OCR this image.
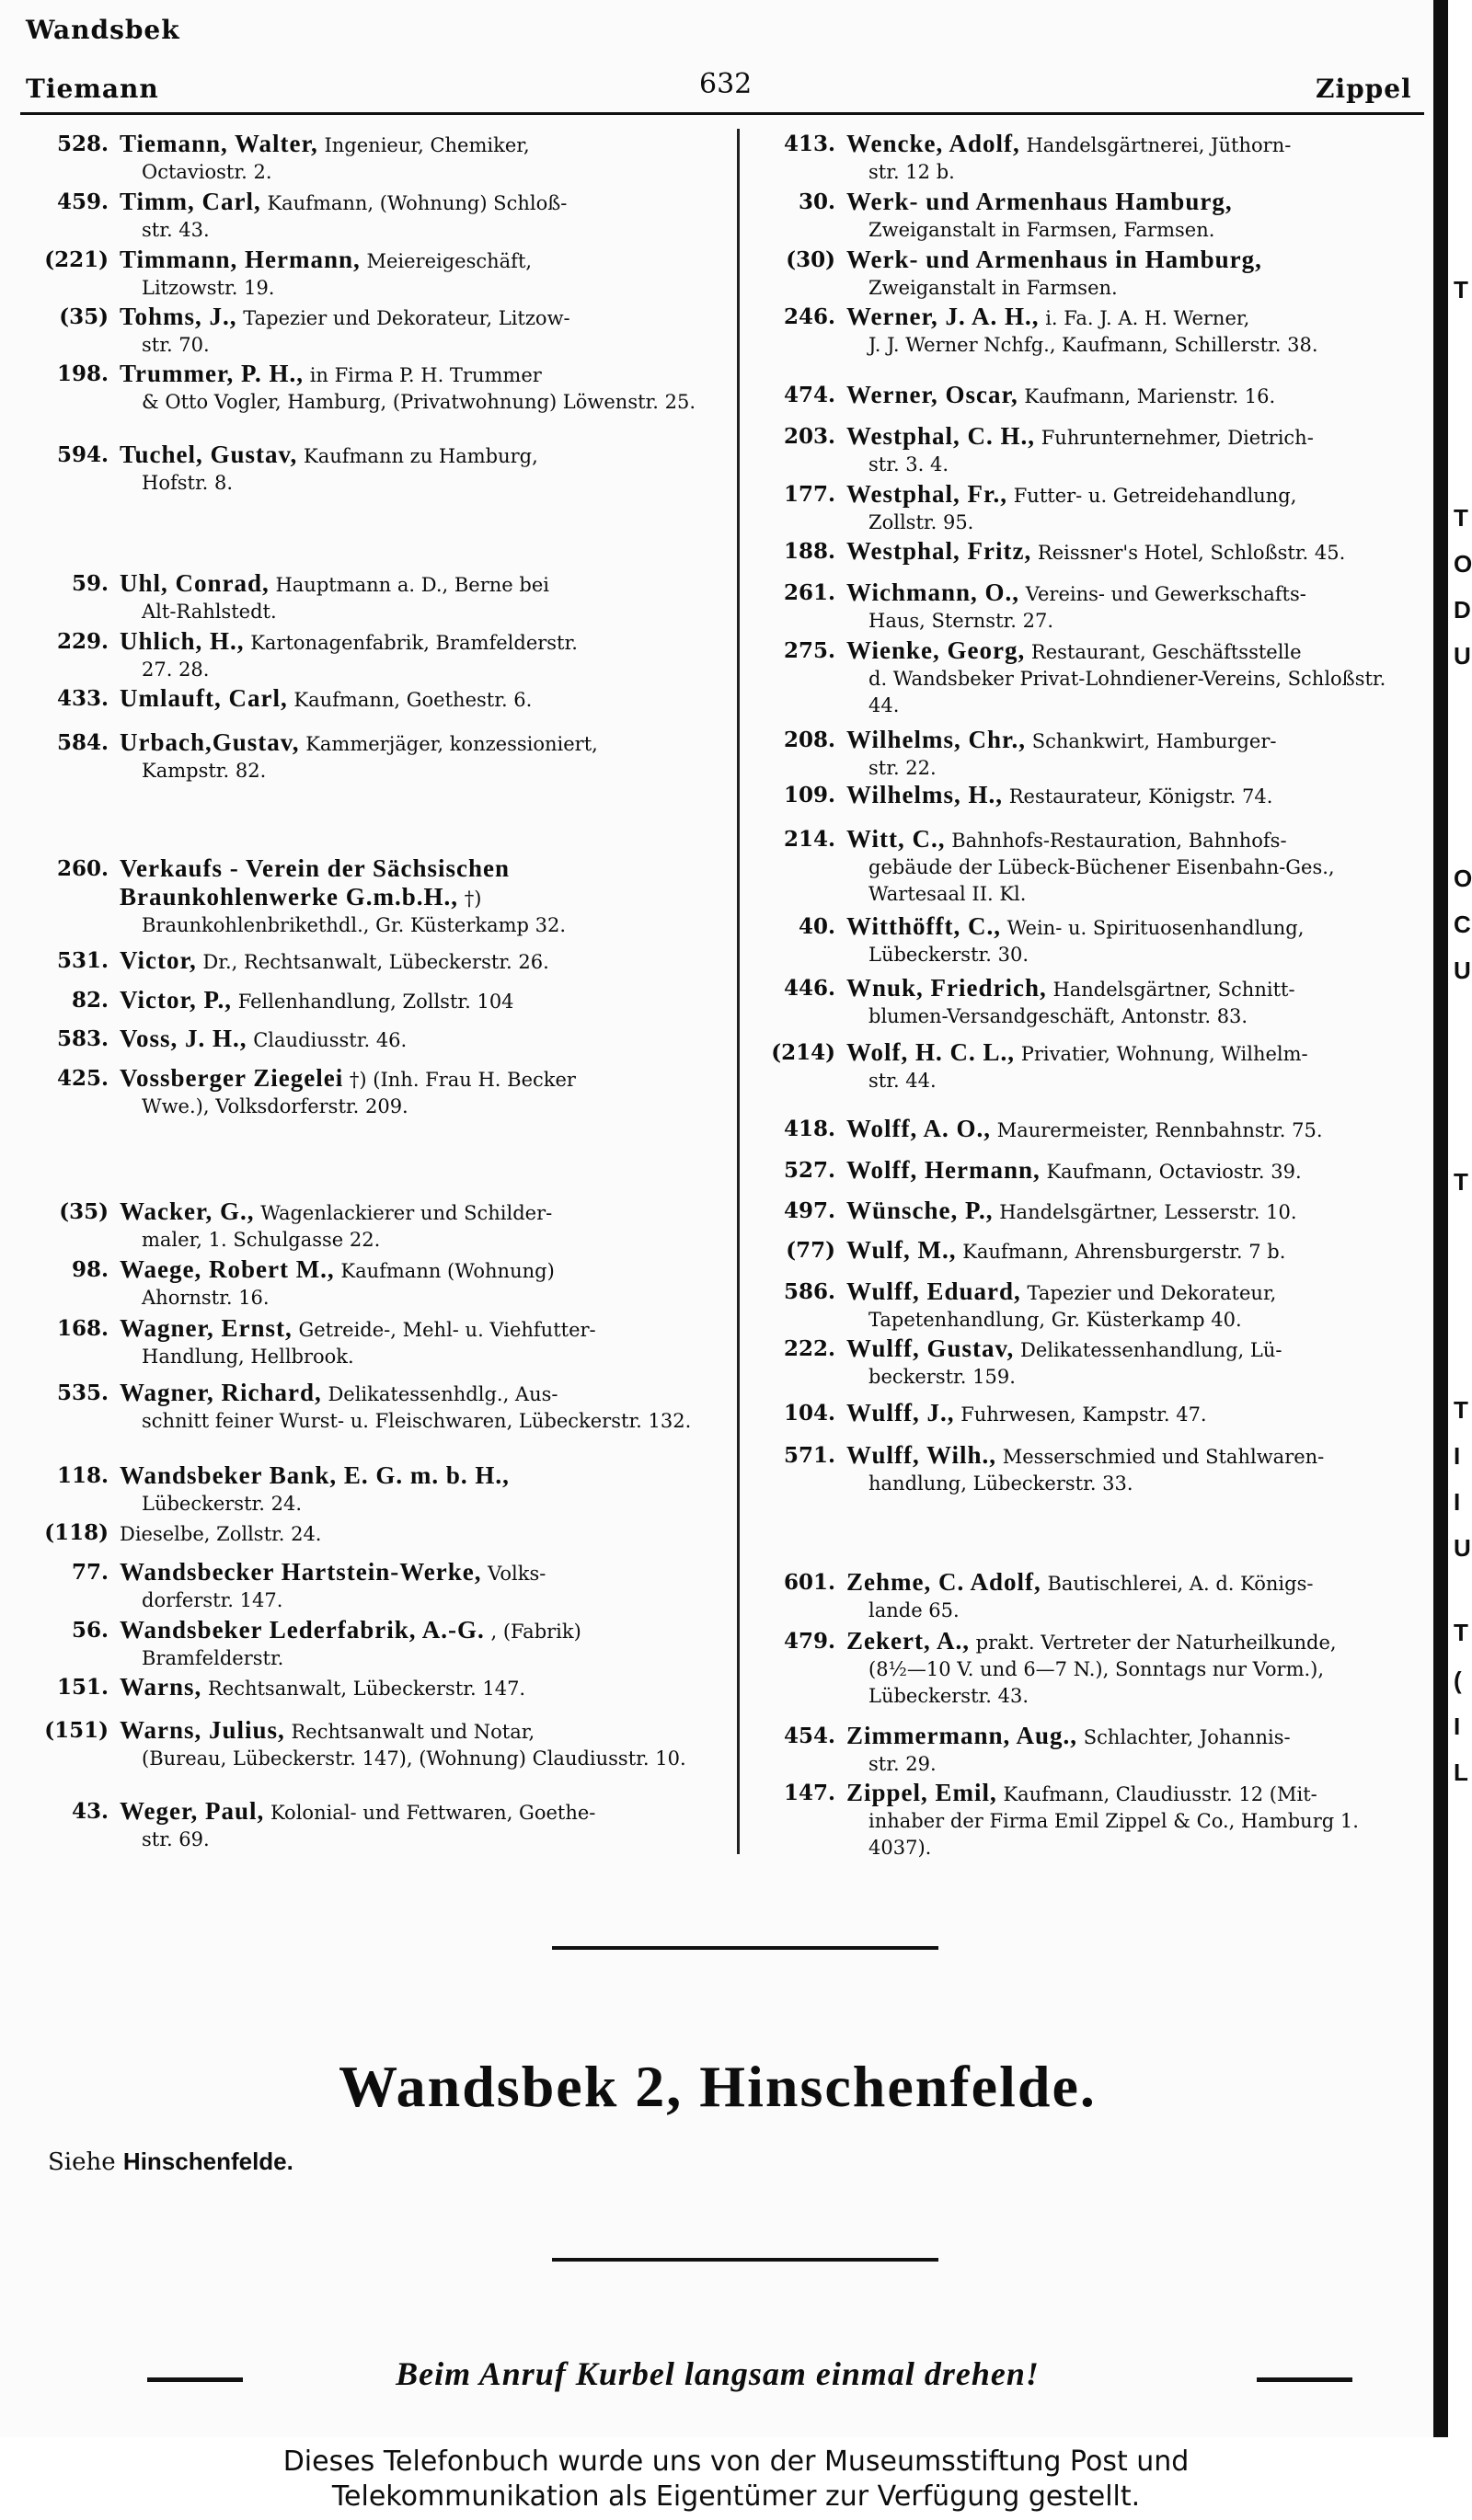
Wandsbek
Tiemann	632	Zippel
528. Tiemann, Walter, Ingenieur, Chemiker,
Octaviostr. 2.
459. Timm, Carl, Kaufmann, (Wohnung) Schloß-
str. 43.
(221) Timmann, Hermann, Meiereigeschäft,
Litzowstr. 19.
(35) Tohms, J., Tapezier und Dekorateur, Litzow-
str. 70.
198. Trummer, P. H., in Firma P. H. Trummer
& Otto Vogler, Hamburg, (Privatwohnung) Löwenstr. 25.
594. Tuchel, Gustav, Kaufmann zu Hamburg,
Hofstr. 8.
59. Uhl, Conrad, Hauptmann a. D., Berne bei
Alt-Rahlstedt.
229. Uhlich, H., Kartonagenfabrik, Bramfelderstr.
27. 28.
433. Umlauft, Carl, Kaufmann, Goethestr. 6.
584. Urbach,Gustav, Kammerjäger, konzessioniert,
Kampstr. 82.
260. Verkaufs - Verein der Sächsischen Braunkohlenwerke G.m.b.H., †)
Braunkohlenbrikethdl., Gr. Küsterkamp 32.
531. Victor, Dr., Rechtsanwalt, Lübeckerstr. 26.
82. Victor, P., Fellenhandlung, Zollstr. 104
583. Voss, J. H., Claudiusstr. 46.
425. Vossberger Ziegelei †) (Inh. Frau H. Becker
Wwe.), Volksdorferstr. 209.
(35) Wacker, G., Wagenlackierer und Schilder-
maler, 1. Schulgasse 22.
98. Waege, Robert M., Kaufmann (Wohnung)
Ahornstr. 16.
168. Wagner, Ernst, Getreide-, Mehl- u. Viehfutter-
Handlung, Hellbrook.
535. Wagner, Richard, Delikatessenhdlg., Aus-
schnitt feiner Wurst- u. Fleischwaren, Lübeckerstr. 132.
118. Wandsbeker Bank, E. G. m. b. H.,
Lübeckerstr. 24.
(118) Dieselbe, Zollstr. 24.
77. Wandsbecker Hartstein-Werke, Volks-
dorferstr. 147.
56. Wandsbeker Lederfabrik, A.-G. , (Fabrik)
Bramfelderstr.
151. Warns, Rechtsanwalt, Lübeckerstr. 147.
(151) Warns, Julius, Rechtsanwalt und Notar,
(Bureau, Lübeckerstr. 147), (Wohnung) Claudiusstr. 10.
43. Weger, Paul, Kolonial- und Fettwaren, Goethe-
str. 69.
413. Wencke, Adolf, Handelsgärtnerei, Jüthorn-
str. 12 b.
30. Werk- und Armenhaus Hamburg,
Zweiganstalt in Farmsen, Farmsen.
(30) Werk- und Armenhaus in Hamburg,
Zweiganstalt in Farmsen.
246. Werner, J. A. H., i. Fa. J. A. H. Werner,
J. J. Werner Nchfg., Kaufmann, Schillerstr. 38.
474. Werner, Oscar, Kaufmann, Marienstr. 16.
203. Westphal, C. H., Fuhrunternehmer, Dietrich-
str. 3. 4.
177. Westphal, Fr., Futter- u. Getreidehandlung,
Zollstr. 95.
188. Westphal, Fritz, Reissner's Hotel, Schloßstr. 45.
261. Wichmann, O., Vereins- und Gewerkschafts-
Haus, Sternstr. 27.
275. Wienke, Georg, Restaurant, Geschäftsstelle
d. Wandsbeker Privat-Lohndiener-Vereins, Schloßstr. 44.
208. Wilhelms, Chr., Schankwirt, Hamburger-
str. 22.
109. Wilhelms, H., Restaurateur, Königstr. 74.
214. Witt, C., Bahnhofs-Restauration, Bahnhofs-
gebäude der Lübeck-Büchener Eisenbahn-Ges., Wartesaal II. Kl.
40. Witthöfft, C., Wein- u. Spirituosenhandlung,
Lübeckerstr. 30.
446. Wnuk, Friedrich, Handelsgärtner, Schnitt-
blumen-Versandgeschäft, Antonstr. 83.
(214) Wolf, H. C. L., Privatier, Wohnung, Wilhelm-
str. 44.
418. Wolff, A. O., Maurermeister, Rennbahnstr. 75.
527. Wolff, Hermann, Kaufmann, Octaviostr. 39.
497. Wünsche, P., Handelsgärtner, Lesserstr. 10.
(77) Wulf, M., Kaufmann, Ahrensburgerstr. 7 b.
586. Wulff, Eduard, Tapezier und Dekorateur,
Tapetenhandlung, Gr. Küsterkamp 40.
222. Wulff, Gustav, Delikatessenhandlung, Lü-
beckerstr. 159.
104. Wulff, J., Fuhrwesen, Kampstr. 47.
571. Wulff, Wilh., Messerschmied und Stahlwaren-
handlung, Lübeckerstr. 33.
601. Zehme, C. Adolf, Bautischlerei, A. d. Königs-
lande 65.
479. Zekert, A., prakt. Vertreter der Naturheilkunde,
(8½—10 V. und 6—7 N.), Sonntags nur Vorm.), Lübeckerstr. 43.
454. Zimmermann, Aug., Schlachter, Johannis-
str. 29.
147. Zippel, Emil, Kaufmann, Claudiusstr. 12 (Mit-
inhaber der Firma Emil Zippel & Co., Hamburg 1. 4037).
Wandsbek 2, Hinschenfelde.
Siehe Hinschenfelde.
Beim Anruf Kurbel langsam einmal drehen!
T
T
O
D
U
O
C
U
T
T
I
I
U
T
(
I
L
Dieses Telefonbuch wurde uns von der Museumsstiftung Post und
Telekommunikation als Eigentümer zur Verfügung gestellt.
